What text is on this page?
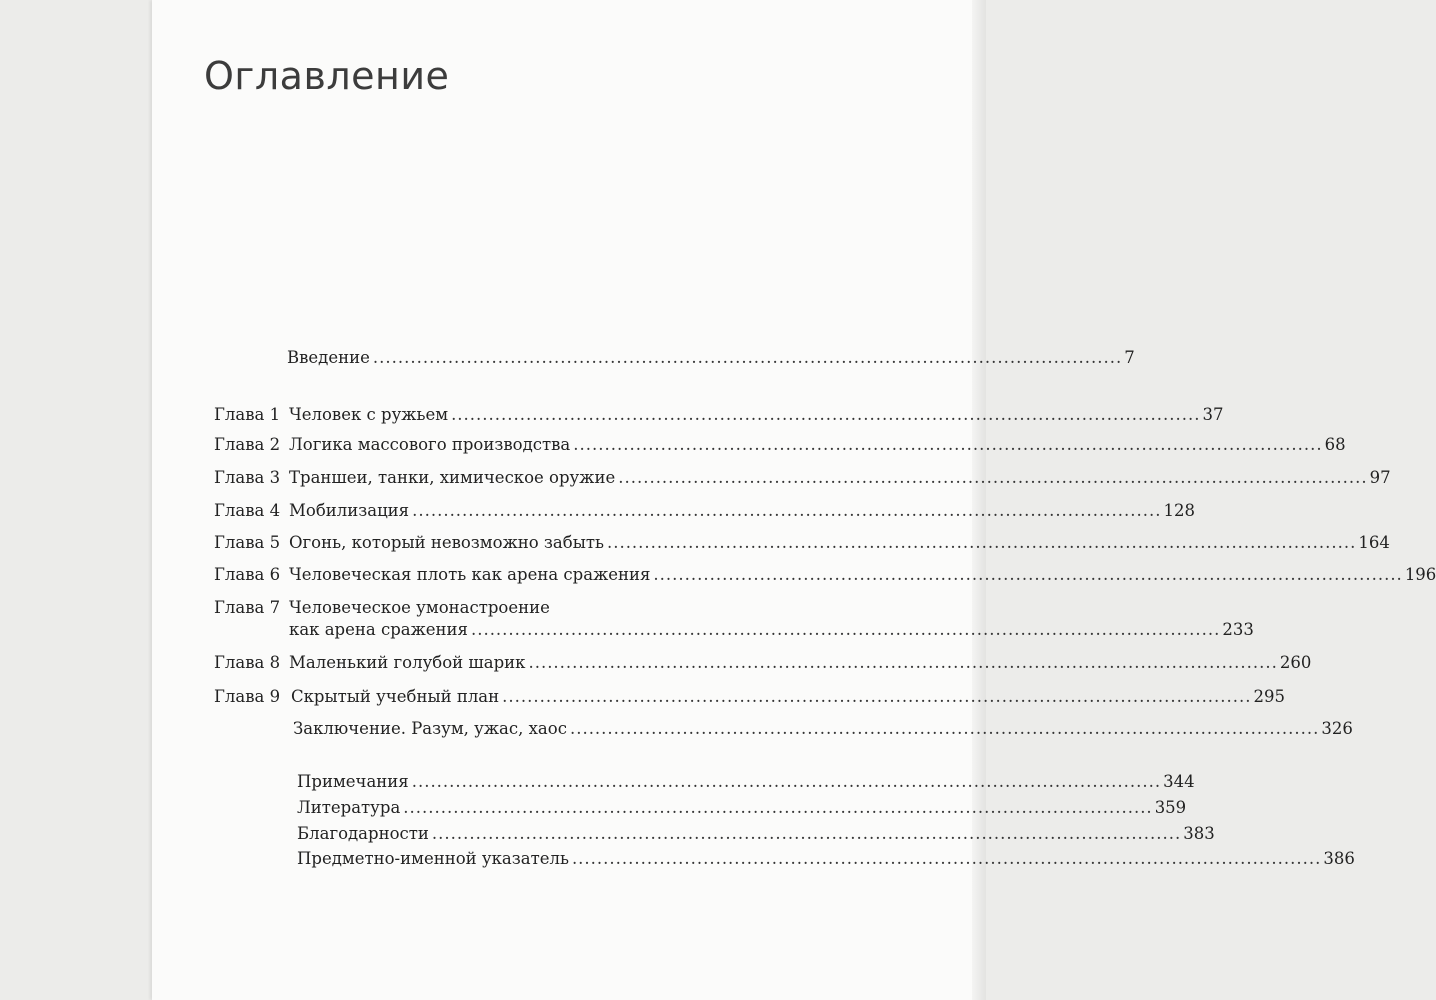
Оглавление
Введение ........................................................................................................................ 7
Глава 1 Человек с ружьем ........................................................................................................................ 37
Глава 2 Логика массового производства ........................................................................................................................ 68
Глава 3 Траншеи, танки, химическое оружие ........................................................................................................................ 97
Глава 4 Мобилизация ........................................................................................................................ 128
Глава 5 Огонь, который невозможно забыть ........................................................................................................................ 164
Глава 6 Человеческая плоть как арена сражения ........................................................................................................................ 196
Глава 7 Человеческое умонастроение
как арена сражения ........................................................................................................................ 233
Глава 8 Маленький голубой шарик ........................................................................................................................ 260
Глава 9 Скрытый учебный план ........................................................................................................................ 295
Заключение. Разум, ужас, хаос ........................................................................................................................ 326
Примечания ........................................................................................................................ 344
Литература ........................................................................................................................ 359
Благодарности ........................................................................................................................ 383
Предметно-именной указатель ........................................................................................................................ 386
